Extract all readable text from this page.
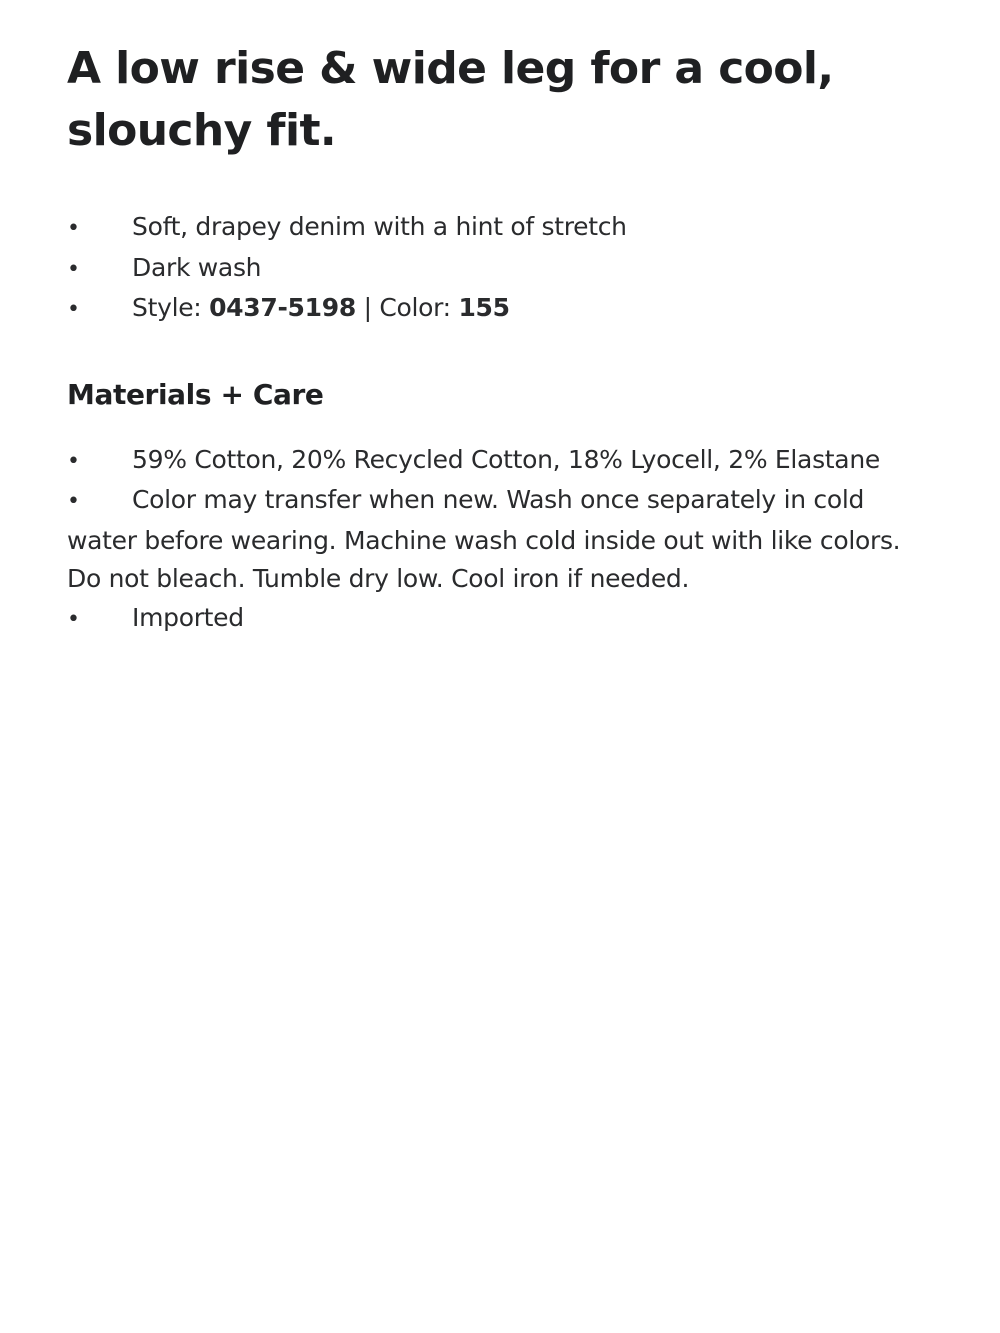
A low rise & wide leg for a cool,
slouchy fit.
• Soft, drapey denim with a hint of stretch
• Dark wash
• Style: 0437-5198 | Color: 155
Materials + Care
• 59% Cotton, 20% Recycled Cotton, 18% Lyocell, 2% Elastane
• Color may transfer when new. Wash once separately in cold
water before wearing. Machine wash cold inside out with like colors.
Do not bleach. Tumble dry low. Cool iron if needed.
• Imported
